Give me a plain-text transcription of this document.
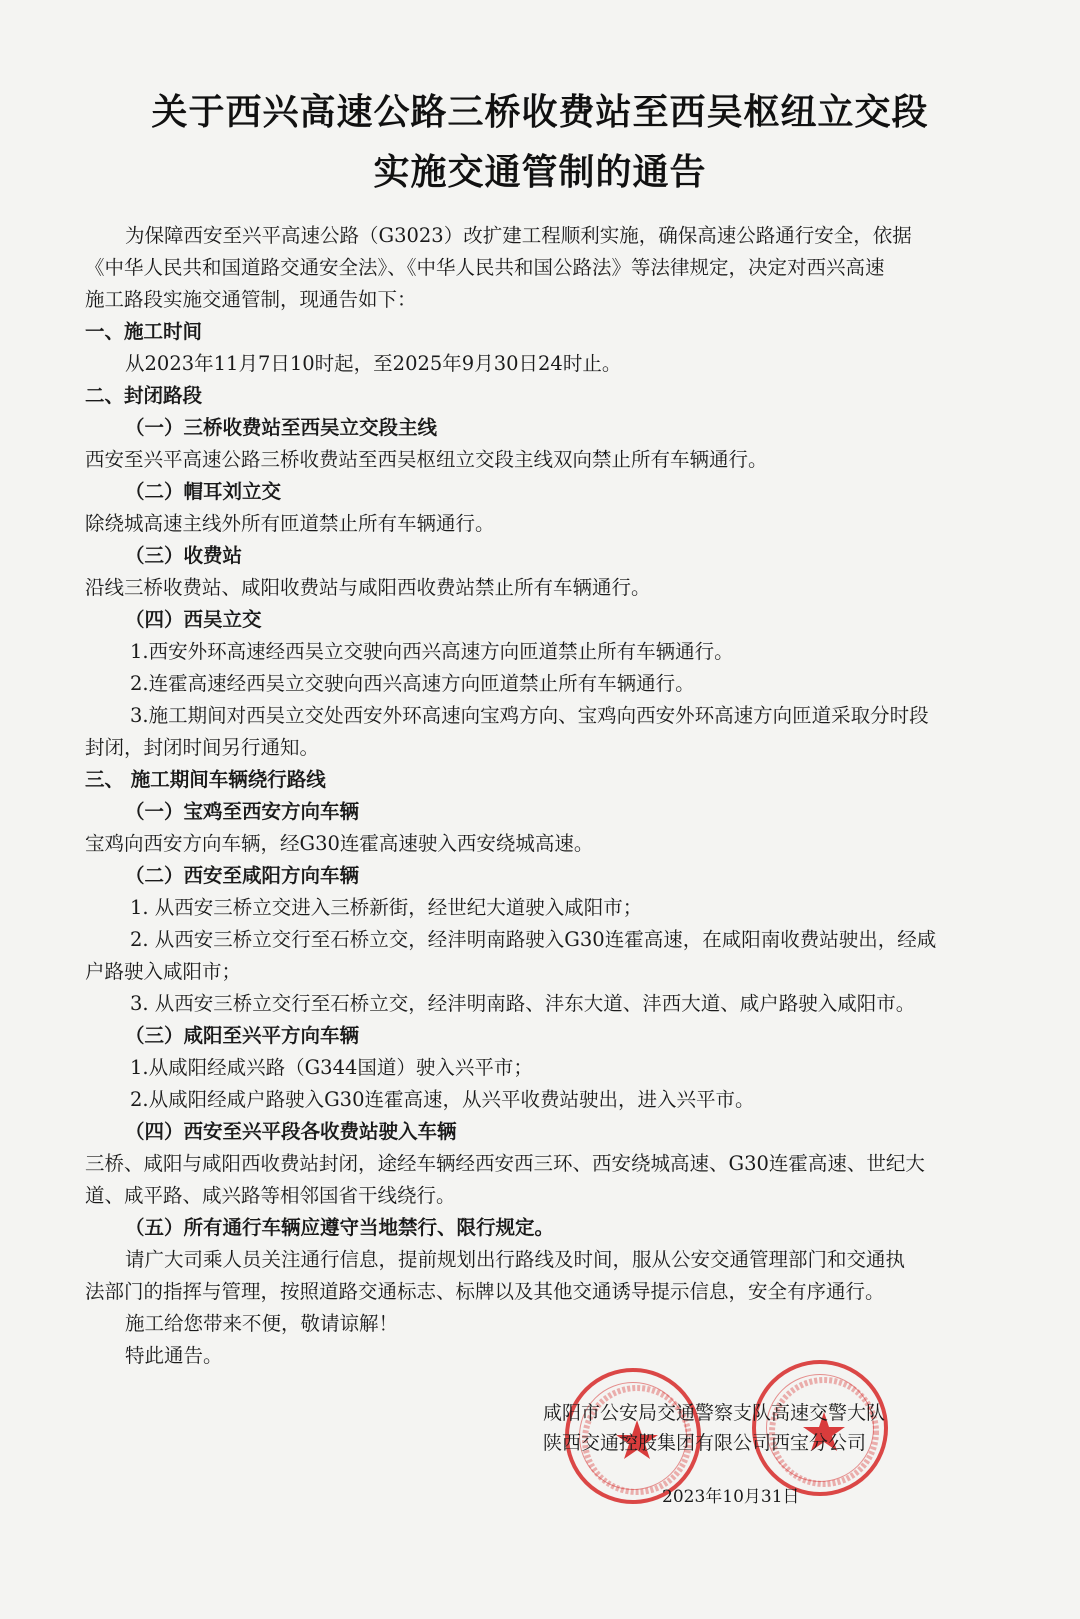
关于西兴高速公路三桥收费站至西吴枢纽立交段
实施交通管制的通告
为保障西安至兴平高速公路（G3023）改扩建工程顺利实施，确保高速公路通行安全，依据
《中华人民共和国道路交通安全法》、《中华人民共和国公路法》等法律规定，决定对西兴高速
施工路段实施交通管制，现通告如下：
一、施工时间
从2023年11月7日10时起，至2025年9月30日24时止。
二、封闭路段
（一）三桥收费站至西吴立交段主线
西安至兴平高速公路三桥收费站至西吴枢纽立交段主线双向禁止所有车辆通行。
（二）帽耳刘立交
除绕城高速主线外所有匝道禁止所有车辆通行。
（三）收费站
沿线三桥收费站、咸阳收费站与咸阳西收费站禁止所有车辆通行。
（四）西吴立交
1.西安外环高速经西吴立交驶向西兴高速方向匝道禁止所有车辆通行。
2.连霍高速经西吴立交驶向西兴高速方向匝道禁止所有车辆通行。
3.施工期间对西吴立交处西安外环高速向宝鸡方向、宝鸡向西安外环高速方向匝道采取分时段
封闭，封闭时间另行通知。
三、 施工期间车辆绕行路线
（一）宝鸡至西安方向车辆
宝鸡向西安方向车辆，经G30连霍高速驶入西安绕城高速。
（二）西安至咸阳方向车辆
1. 从西安三桥立交进入三桥新街，经世纪大道驶入咸阳市；
2. 从西安三桥立交行至石桥立交，经沣明南路驶入G30连霍高速，在咸阳南收费站驶出，经咸
户路驶入咸阳市；
3. 从西安三桥立交行至石桥立交，经沣明南路、沣东大道、沣西大道、咸户路驶入咸阳市。
（三）咸阳至兴平方向车辆
1.从咸阳经咸兴路（G344国道）驶入兴平市；
2.从咸阳经咸户路驶入G30连霍高速，从兴平收费站驶出，进入兴平市。
（四）西安至兴平段各收费站驶入车辆
三桥、咸阳与咸阳西收费站封闭，途经车辆经西安西三环、西安绕城高速、G30连霍高速、世纪大
道、咸平路、咸兴路等相邻国省干线绕行。
（五）所有通行车辆应遵守当地禁行、限行规定。
请广大司乘人员关注通行信息，提前规划出行路线及时间，服从公安交通管理部门和交通执
法部门的指挥与管理，按照道路交通标志、标牌以及其他交通诱导提示信息，安全有序通行。
施工给您带来不便，敬请谅解！
特此通告。
咸阳市公安局交通警察支队高速交警大队
陕西交通控股集团有限公司西宝分公司
2023年10月31日
